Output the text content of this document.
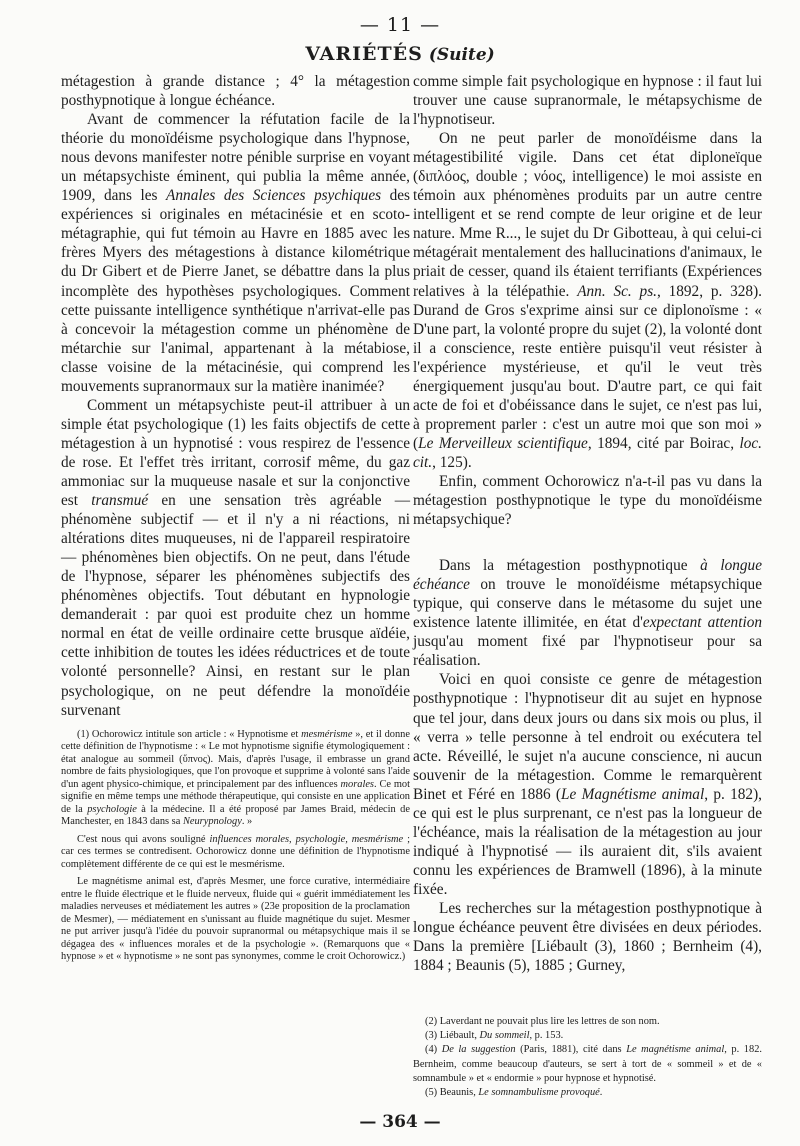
— 11 —
VARIÉTÉS (Suite)

métagestion à grande distance ; 4° la métagestion posthypnotique à longue échéance.

Avant de commencer la réfutation facile de la théorie du monoïdéisme psychologique dans l'hypnose, nous devons manifester notre pénible surprise en voyant un métapsychiste éminent, qui publia la même année, 1909, dans les Annales des Sciences psychiques des expériences si originales en métacinésie et en scoto-métagraphie, qui fut témoin au Havre en 1885 avec les frères Myers des métagestions à distance kilométrique du Dr Gibert et de Pierre Janet, se débattre dans la plus incomplète des hypothèses psychologiques. Comment cette puissante intelligence synthétique n'arrivat-elle pas à concevoir la métagestion comme un phénomène de métarchie sur l'animal, appartenant à la métabiose, classe voisine de la métacinésie, qui comprend les mouvements supranormaux sur la matière inanimée?

Comment un métapsychiste peut-il attribuer à un simple état psychologique (1) les faits objectifs de cette métagestion à un hypnotisé : vous respirez de l'essence de rose. Et l'effet très irritant, corrosif même, du gaz ammoniac sur la muqueuse nasale et sur la conjonctive est transmué en une sensation très agréable — phénomène subjectif — et il n'y a ni réactions, ni altérations dites muqueuses, ni de l'appareil respiratoire — phénomènes bien objectifs. On ne peut, dans l'étude de l'hypnose, séparer les phénomènes subjectifs des phénomènes objectifs. Tout débutant en hypnologie demanderait : par quoi est produite chez un homme normal en état de veille ordinaire cette brusque aïdéie, cette inhibition de toutes les idées réductrices et de toute volonté personnelle? Ainsi, en restant sur le plan psychologique, on ne peut défendre la monoïdéie survenant

(1) Ochorowicz intitule son article : « Hypnotisme et mesmérisme », et il donne cette définition de l'hypnotisme : « Le mot hypnotisme signifie étymologiquement : état analogue au sommeil (ὕπνος). Mais, d'après l'usage, il embrasse un grand nombre de faits physiologiques, que l'on provoque et supprime à volonté sans l'aide d'un agent physico-chimique, et principalement par des influences morales. Ce mot signifie en même temps une méthode thérapeutique, qui consiste en une application de la psychologie à la médecine. Il a été proposé par James Braid, médecin de Manchester, en 1843 dans sa Neurypnology. »

C'est nous qui avons souligné influences morales, psychologie, mesmérisme ; car ces termes se contredisent. Ochorowicz donne une définition de l'hypnotisme complètement différente de ce qui est le mesmérisme.

Le magnétisme animal est, d'après Mesmer, une force curative, intermédiaire entre le fluide électrique et le fluide nerveux, fluide qui « guérit immédiatement les maladies nerveuses et médiatement les autres » (23e proposition de la proclamation de Mesmer), — médiatement en s'unissant au fluide magnétique du sujet. Mesmer ne put arriver jusqu'à l'idée du pouvoir supranormal ou métapsychique mais il se dégagea des « influences morales et de la psychologie ». (Remarquons que « hypnose » et « hypnotisme » ne sont pas synonymes, comme le croit Ochorowicz.)

comme simple fait psychologique en hypnose : il faut lui trouver une cause supranormale, le métapsychisme de l'hypnotiseur.

On ne peut parler de monoïdéisme dans la métagestibilité vigile. Dans cet état diploneïque (διπλόος, double ; νόος, intelligence) le moi assiste en témoin aux phénomènes produits par un autre centre intelligent et se rend compte de leur origine et de leur nature. Mme R..., le sujet du Dr Gibotteau, à qui celui-ci métagérait mentalement des hallucinations d'animaux, le priait de cesser, quand ils étaient terrifiants (Expériences relatives à la télépathie. Ann. Sc. ps., 1892, p. 328). Durand de Gros s'exprime ainsi sur ce diplonoïsme : « D'une part, la volonté propre du sujet (2), la volonté dont il a conscience, reste entière puisqu'il veut résister à l'expérience mystérieuse, et qu'il le veut très énergiquement jusqu'au bout. D'autre part, ce qui fait acte de foi et d'obéissance dans le sujet, ce n'est pas lui, à proprement parler : c'est un autre moi que son moi » (Le Merveilleux scientifique, 1894, cité par Boirac, loc. cit., 125).

Enfin, comment Ochorowicz n'a-t-il pas vu dans la métagestion posthypnotique le type du monoïdéisme métapsychique?

Dans la métagestion posthypnotique à longue échéance on trouve le monoïdéisme métapsychique typique, qui conserve dans le métasome du sujet une existence latente illimitée, en état d'expectant attention jusqu'au moment fixé par l'hypnotiseur pour sa réalisation.

Voici en quoi consiste ce genre de métagestion posthypnotique : l'hypnotiseur dit au sujet en hypnose que tel jour, dans deux jours ou dans six mois ou plus, il « verra » telle personne à tel endroit ou exécutera tel acte. Réveillé, le sujet n'a aucune conscience, ni aucun souvenir de la métagestion. Comme le remarquèrent Binet et Féré en 1886 (Le Magnétisme animal, p. 182), ce qui est le plus surprenant, ce n'est pas la longueur de l'échéance, mais la réalisation de la métagestion au jour indiqué à l'hypnotisé — ils auraient dit, s'ils avaient connu les expériences de Bramwell (1896), à la minute fixée.

Les recherches sur la métagestion posthypnotique à longue échéance peuvent être divisées en deux périodes. Dans la première [Liébault (3), 1860 ; Bernheim (4), 1884 ; Beaunis (5), 1885 ; Gurney,

(2) Laverdant ne pouvait plus lire les lettres de son nom.

(3) Liébault, Du sommeil, p. 153.

(4) De la suggestion (Paris, 1881), cité dans Le magnétisme animal, p. 182. Bernheim, comme beaucoup d'auteurs, se sert à tort de « sommeil » et de « somnambule » et « endormie » pour hypnose et hypnotisé.

(5) Beaunis, Le somnambulisme provoqué.

— 364 —
